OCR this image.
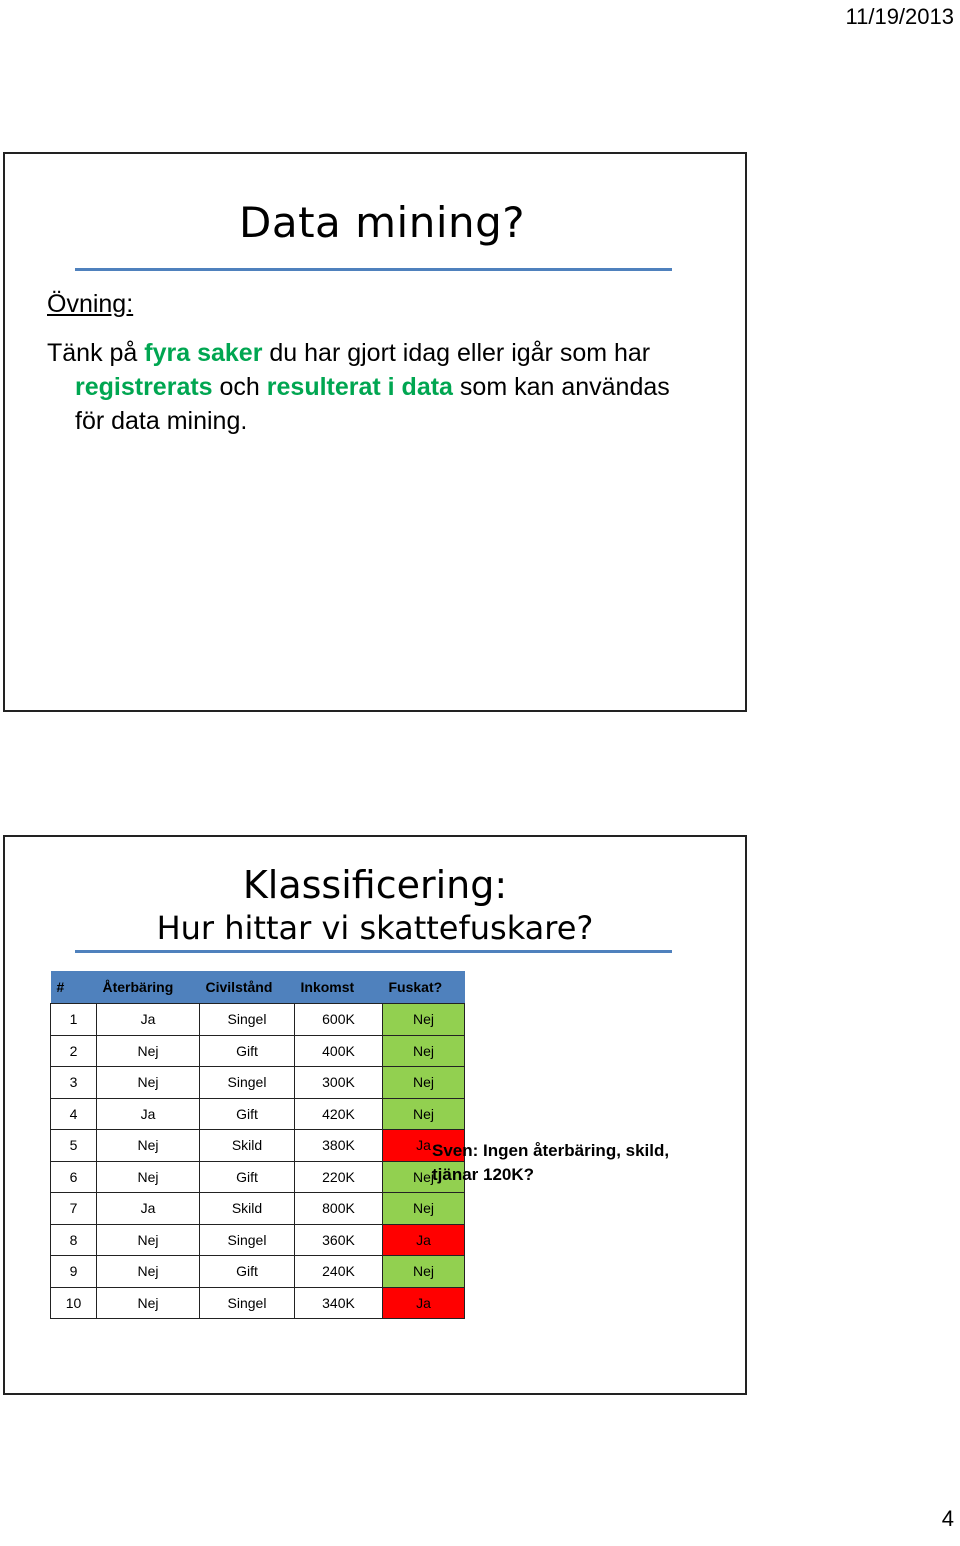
11/19/2013
Data mining?
Övning:
Tänk på fyra saker du har gjort idag eller igår som har
registrerats och resulterat i data som kan användas
för data mining.
Klassificering:
Hur hittar vi skattefuskare?
#	Återbäring	Civilstånd	Inkomst	Fuskat?
1	Ja	Singel	600K	Nej
2	Nej	Gift	400K	Nej
3	Nej	Singel	300K	Nej
4	Ja	Gift	420K	Nej
5	Nej	Skild	380K	Ja
6	Nej	Gift	220K	Nej
7	Ja	Skild	800K	Nej
8	Nej	Singel	360K	Ja
9	Nej	Gift	240K	Nej
10	Nej	Singel	340K	Ja
Sven: Ingen återbäring, skild,
tjänar 120K?
4
